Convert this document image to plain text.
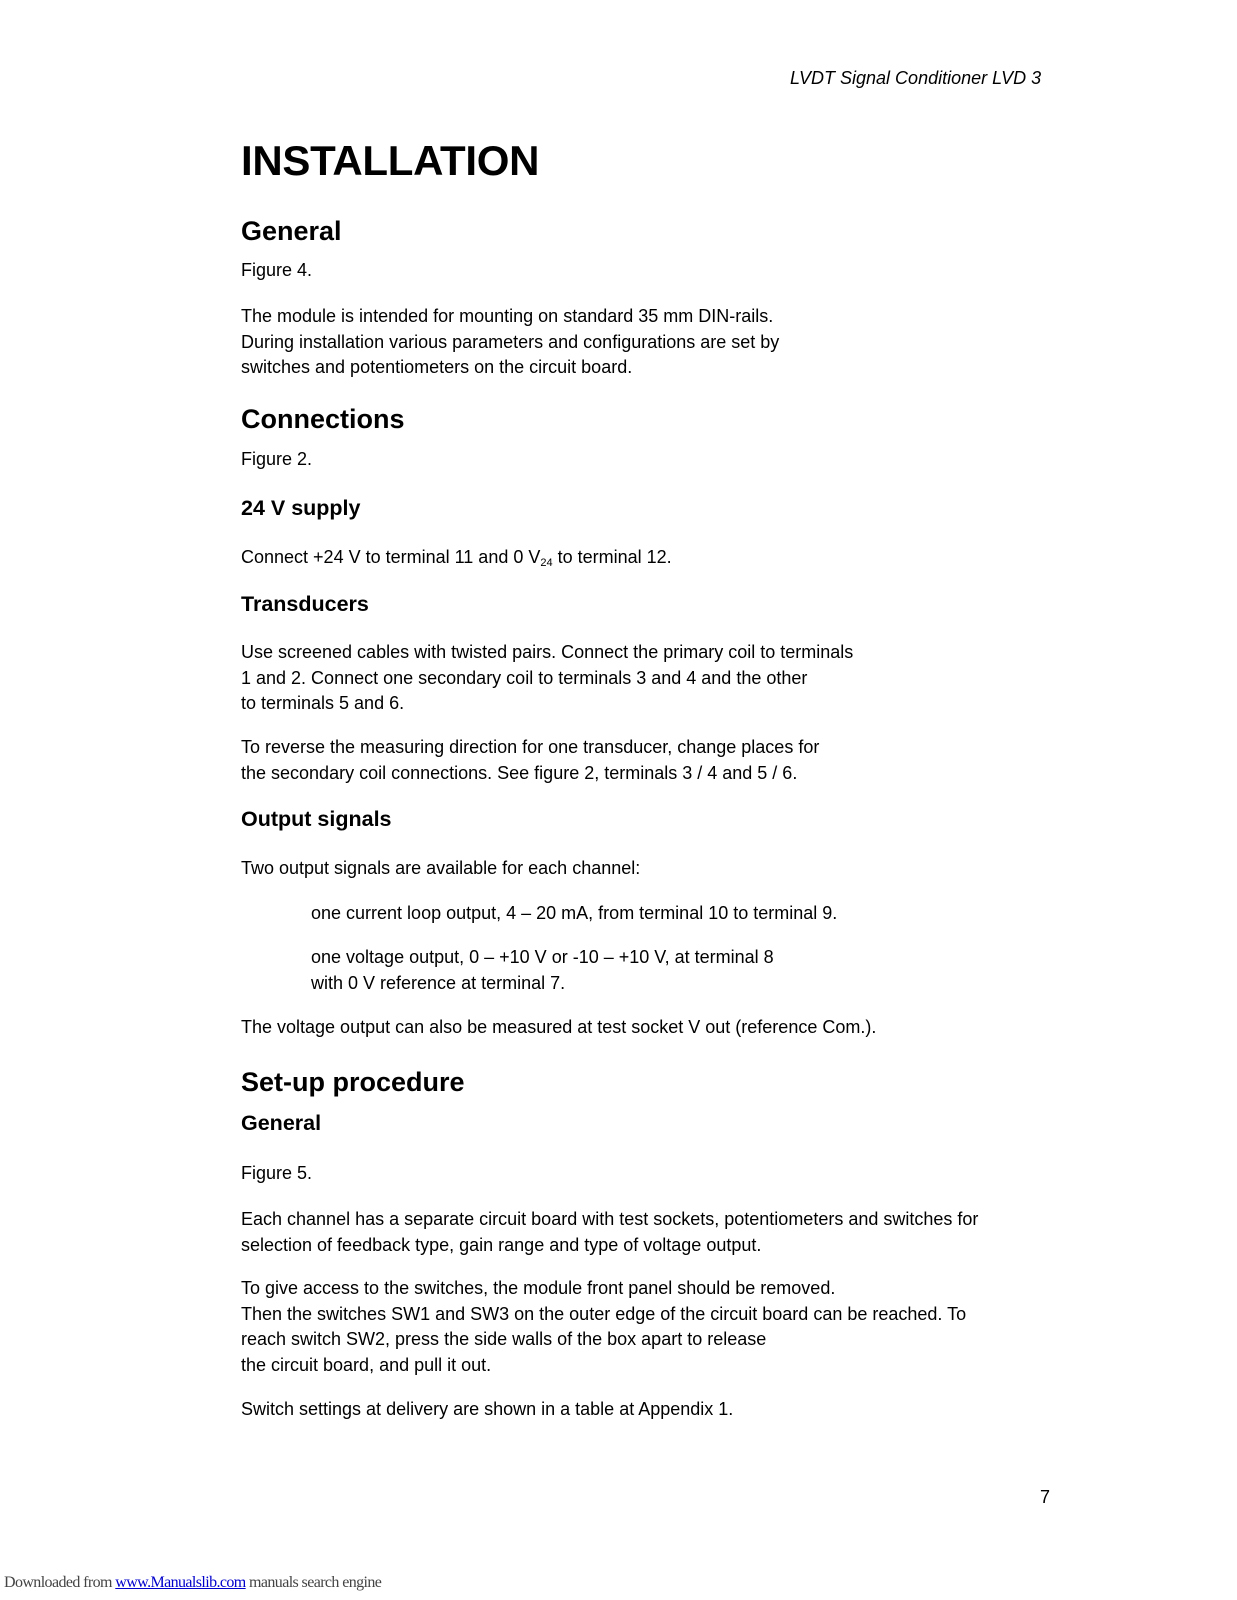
LVDT Signal Conditioner LVD 3
INSTALLATION
General
Figure 4.
The module is intended for mounting on standard 35 mm DIN-rails.
During installation various parameters and configurations are set by
switches and potentiometers on the circuit board.
Connections
Figure 2.
24 V supply
Connect +24 V to terminal 11 and 0 $V_{24}$ to terminal 12.
Transducers
Use screened cables with twisted pairs. Connect the primary coil to terminals
1 and 2. Connect one secondary coil to terminals 3 and 4 and the other
to terminals 5 and 6.
To reverse the measuring direction for one transducer, change places for
the secondary coil connections. See figure 2, terminals 3 / 4 and 5 / 6.
Output signals
Two output signals are available for each channel:
one current loop output, 4 – 20 mA, from terminal 10 to terminal 9.
one voltage output, 0 – +10 V or -10 – +10 V, at terminal 8
with 0 V reference at terminal 7.
The voltage output can also be measured at test socket V out (reference Com.).
Set-up procedure
General
Figure 5.
Each channel has a separate circuit board with test sockets, potentiometers and switches for
selection of feedback type, gain range and type of voltage output.
To give access to the switches, the module front panel should be removed.
Then the switches SW1 and SW3 on the outer edge of the circuit board can be reached. To
reach switch SW2, press the side walls of the box apart to release
the circuit board, and pull it out.
Switch settings at delivery are shown in a table at Appendix 1.
7
Downloaded from www.Manualslib.com manuals search engine
